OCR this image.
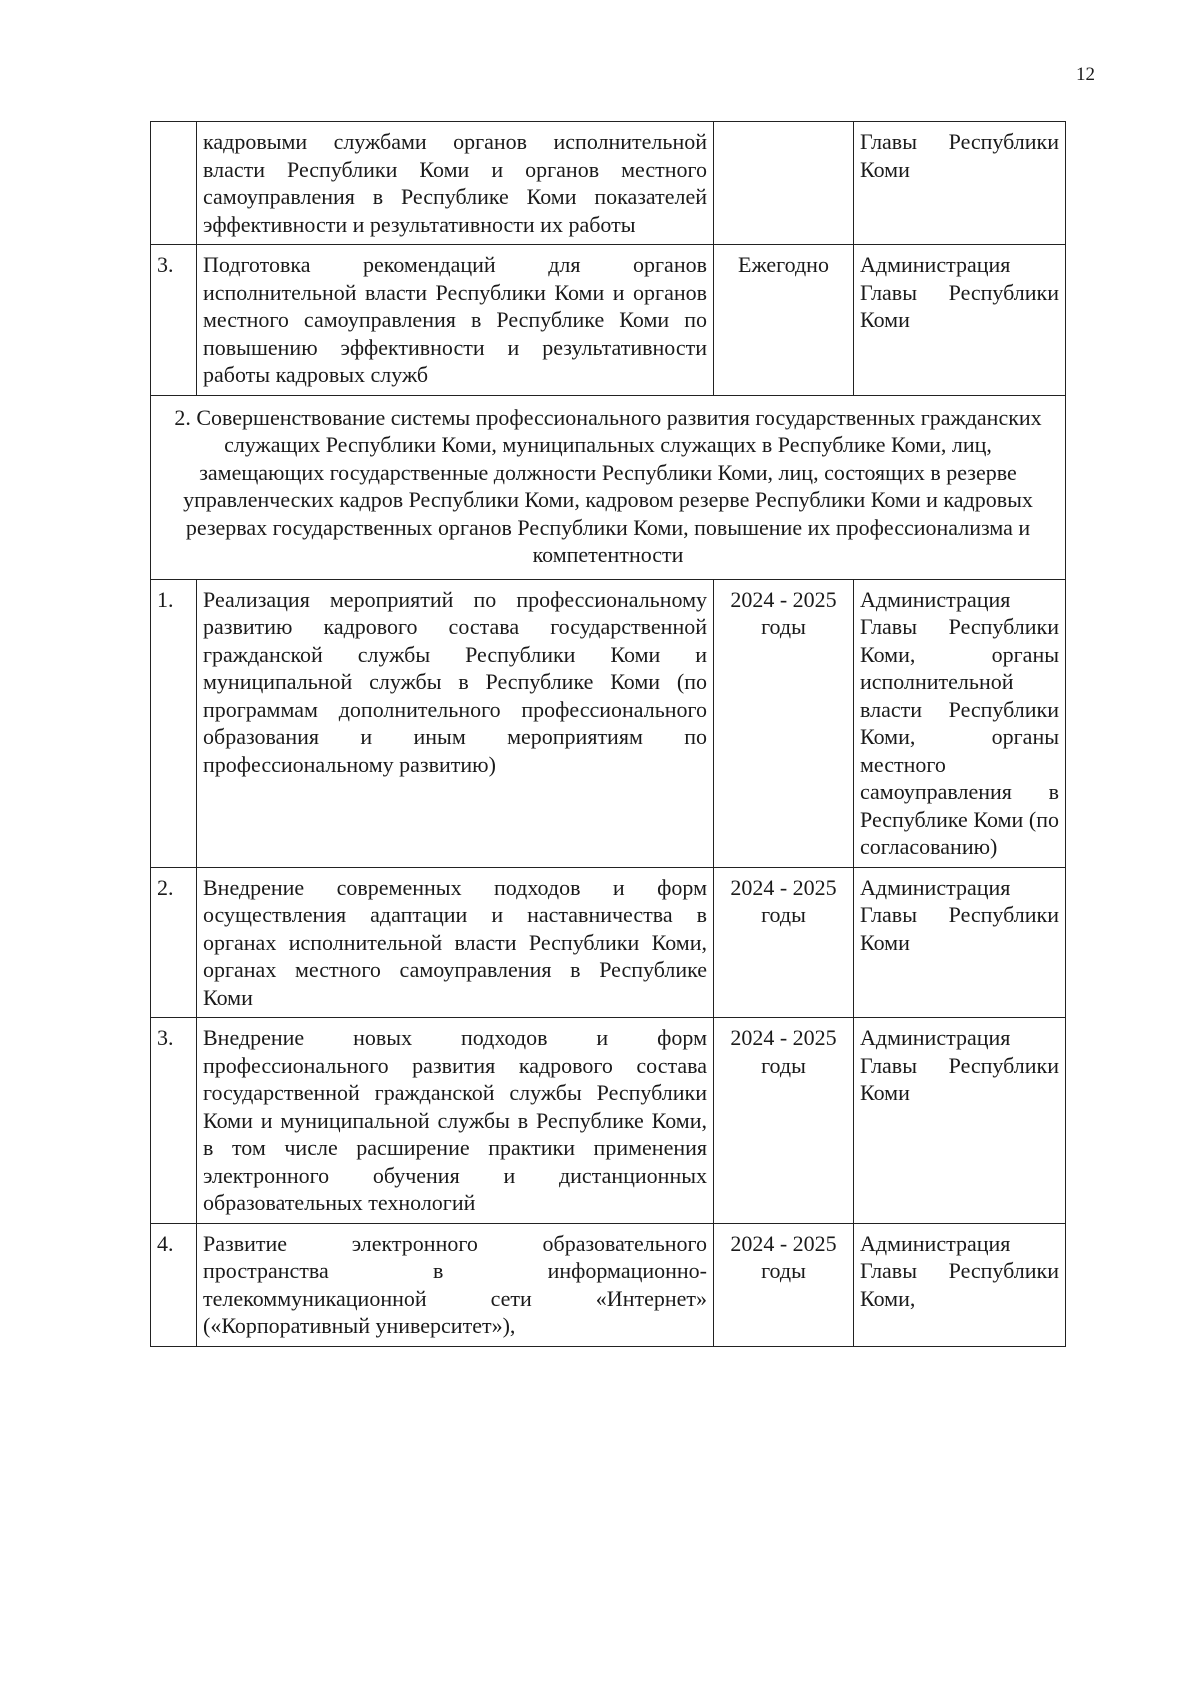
12
	кадровыми службами органов исполнительной власти Республики Коми и органов местного самоуправления в Республике Коми показателей эффективности и результативности их работы		Главы Республики Коми
3.	Подготовка рекомендаций для органов исполнительной власти Республики Коми и органов местного самоуправления в Республике Коми по повышению эффективности и результативности работы кадровых служб	Ежегодно	Администрация Главы Республики Коми
2. Совершенствование системы профессионального развития государственных гражданских служащих Республики Коми, муниципальных служащих в Республике Коми, лиц, замещающих государственные должности Республики Коми, лиц, состоящих в резерве управленческих кадров Республики Коми, кадровом резерве Республики Коми и кадровых резервах государственных органов Республики Коми, повышение их профессионализма и компетентности			
1.	Реализация мероприятий по профессиональному развитию кадрового состава государственной гражданской службы Республики Коми и муниципальной службы в Республике Коми (по программам дополнительного профессионального образования и иным мероприятиям по профессиональному развитию)	2024 - 2025 годы	Администрация Главы Республики Коми, органы исполнительной власти Республики Коми, органы местного самоуправления в Республике Коми (по согласованию)
2.	Внедрение современных подходов и форм осуществления адаптации и наставничества в органах исполнительной власти Республики Коми, органах местного самоуправления в Республике Коми	2024 - 2025 годы	Администрация Главы Республики Коми
3.	Внедрение новых подходов и форм профессионального развития кадрового состава государственной гражданской службы Республики Коми и муниципальной службы в Республике Коми, в том числе расширение практики применения электронного обучения и дистанционных образовательных технологий	2024 - 2025 годы	Администрация Главы Республики Коми
4.	Развитие электронного образовательного пространства в информационно-телекоммуникационной сети «Интернет» («Корпоративный университет»),	2024 - 2025 годы	Администрация Главы Республики Коми,
